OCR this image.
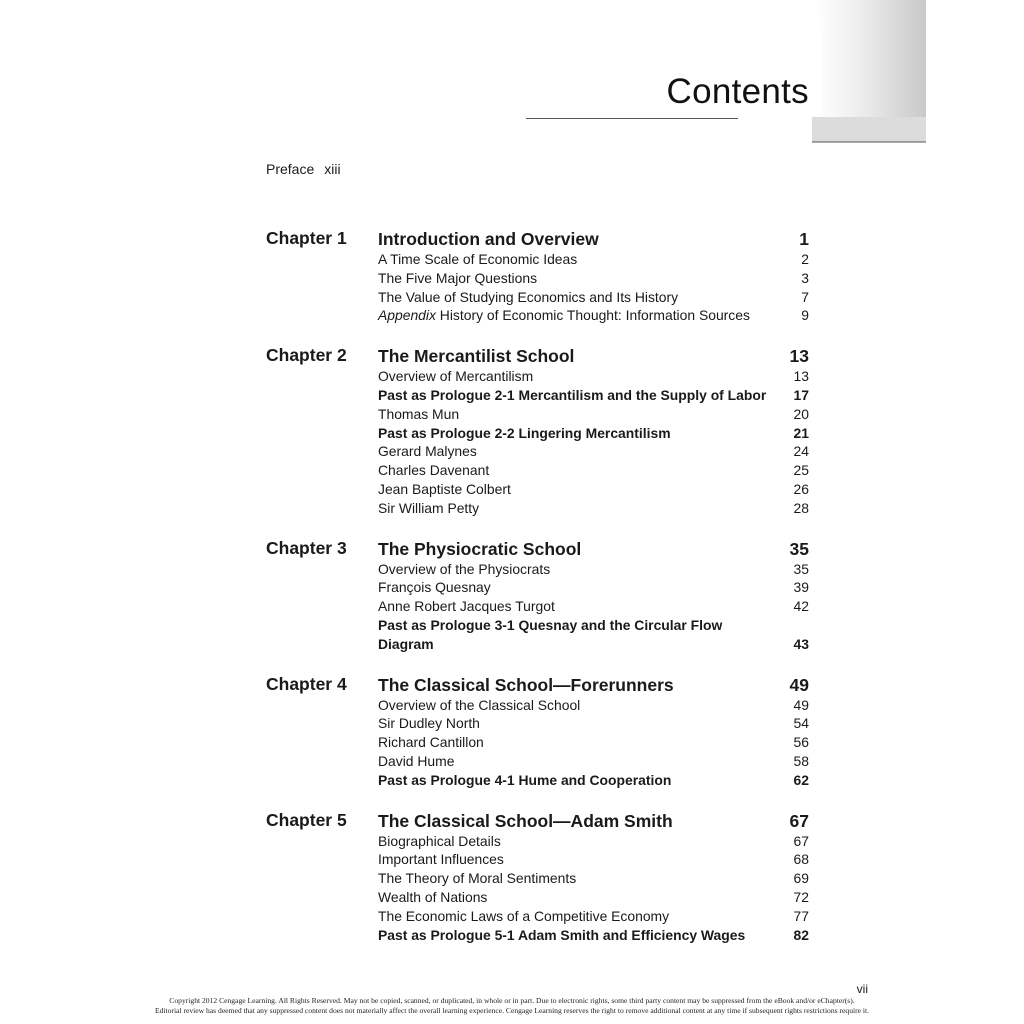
Contents
Preface xiii
Chapter 1 Introduction and Overview	1
A Time Scale of Economic Ideas	2
The Five Major Questions	3
The Value of Studying Economics and Its History	7
Appendix History of Economic Thought: Information Sources	9
Chapter 2 The Mercantilist School	13
Overview of Mercantilism	13
Past as Prologue 2-1 Mercantilism and the Supply of Labor	17
Thomas Mun	20
Past as Prologue 2-2 Lingering Mercantilism	21
Gerard Malynes	24
Charles Davenant	25
Jean Baptiste Colbert	26
Sir William Petty	28
Chapter 3 The Physiocratic School	35
Overview of the Physiocrats	35
François Quesnay	39
Anne Robert Jacques Turgot	42
Past as Prologue 3-1 Quesnay and the Circular Flow Diagram	43
Chapter 4 The Classical School—Forerunners	49
Overview of the Classical School	49
Sir Dudley North	54
Richard Cantillon	56
David Hume	58
Past as Prologue 4-1 Hume and Cooperation	62
Chapter 5 The Classical School—Adam Smith	67
Biographical Details	67
Important Influences	68
The Theory of Moral Sentiments	69
Wealth of Nations	72
The Economic Laws of a Competitive Economy	77
Past as Prologue 5-1 Adam Smith and Efficiency Wages	82
vii
Copyright 2012 Cengage Learning. All Rights Reserved. May not be copied, scanned, or duplicated, in whole or in part. Due to electronic rights, some third party content may be suppressed from the eBook and/or eChapter(s).
Editorial review has deemed that any suppressed content does not materially affect the overall learning experience. Cengage Learning reserves the right to remove additional content at any time if subsequent rights restrictions require it.
